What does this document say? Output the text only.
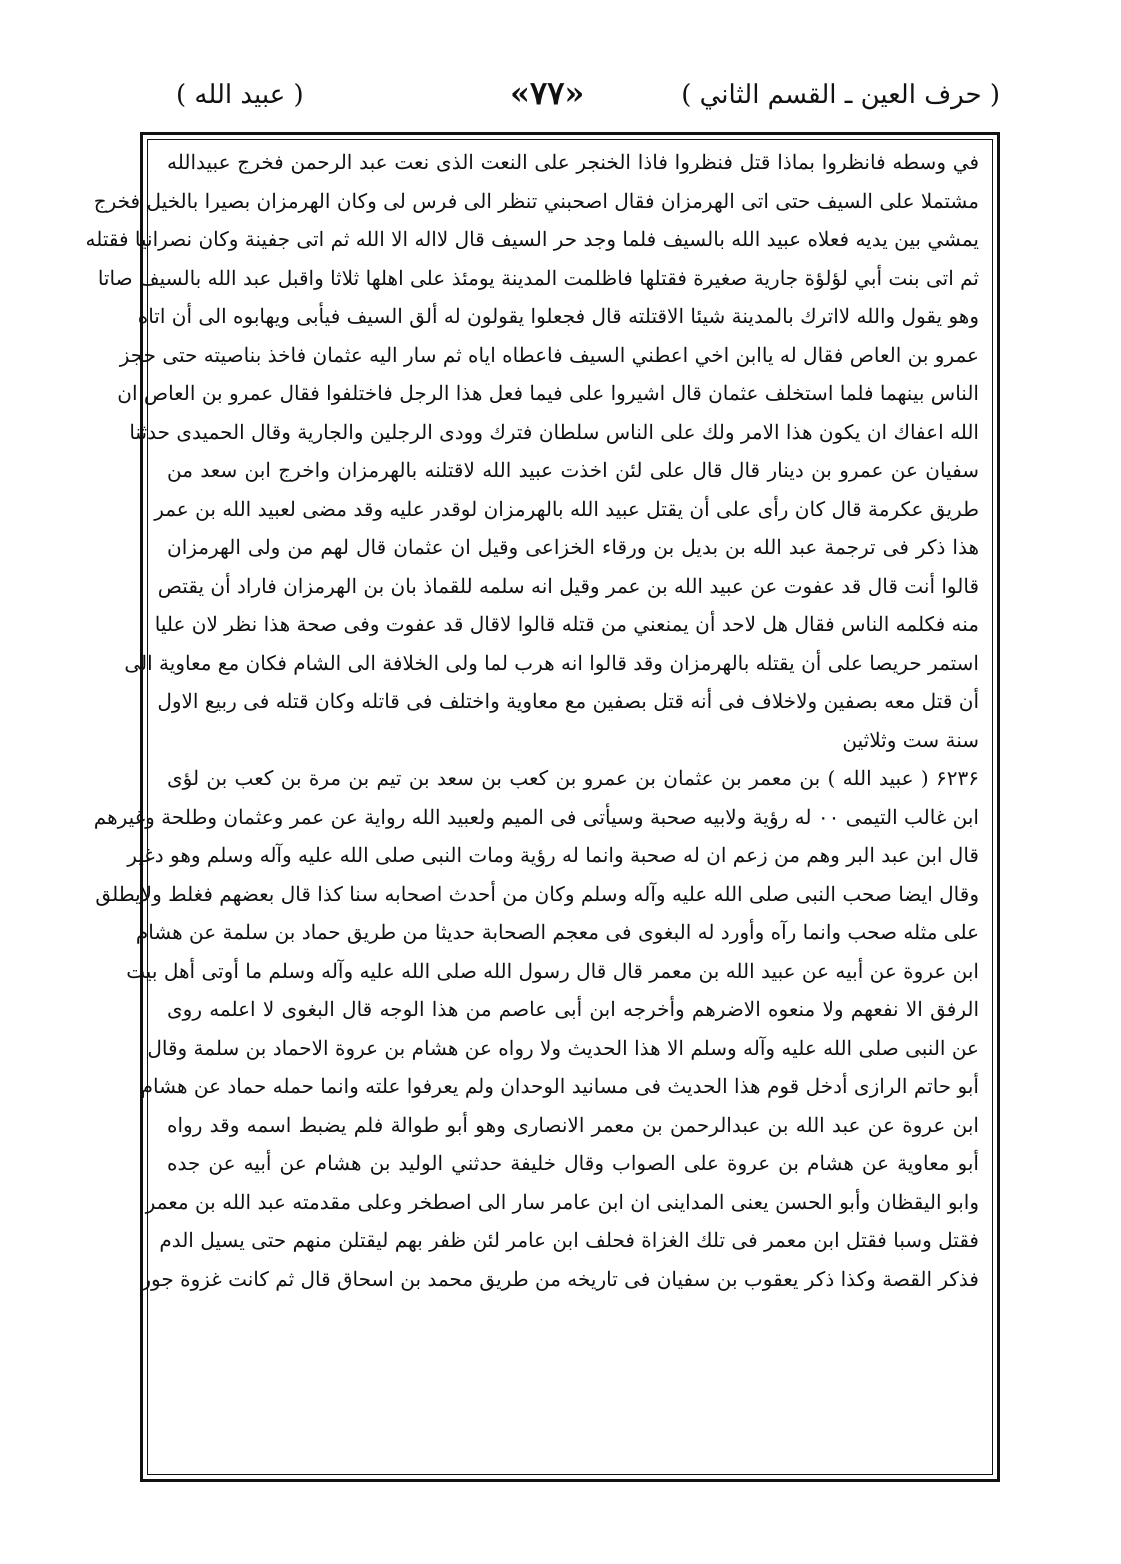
( حرف العين ـ القسم الثاني )
«۷۷»
( عبيد الله )
في وسطه فانظروا بماذا قتل فنظروا فاذا الخنجر على النعت الذى نعت عبد الرحمن فخرج عبيدالله
مشتملا على السيف حتى اتى الهرمزان فقال اصحبني تنظر الى فرس لى وكان الهرمزان بصيرا بالخيل فخرج
يمشي بين يديه فعلاه عبيد الله بالسيف فلما وجد حر السيف قال لااله الا الله ثم اتى جفينة وكان نصرانيا فقتله
ثم اتى بنت أبي لؤلؤة جارية صغيرة فقتلها فاظلمت المدينة يومئذ على اهلها ثلاثا واقبل عبد الله بالسيف صاتا
وهو يقول والله لااترك بالمدينة شيئا الاقتلته قال فجعلوا يقولون له ألق السيف فيأبى ويهابوه الى أن اتاه
عمرو بن العاص فقال له ياابن اخي اعطني السيف فاعطاه اياه ثم سار اليه عثمان فاخذ بناصيته حتى حجز
الناس بينهما فلما استخلف عثمان قال اشيروا على فيما فعل هذا الرجل فاختلفوا فقال عمرو بن العاص ان
الله اعفاك ان يكون هذا الامر ولك على الناس سلطان فترك وودى الرجلين والجارية وقال الحميدى حدثنا
سفيان عن عمرو بن دينار قال قال على لئن اخذت عبيد الله لاقتلنه بالهرمزان واخرج ابن سعد من
طريق عكرمة قال كان رأى على أن يقتل عبيد الله بالهرمزان لوقدر عليه وقد مضى لعبيد الله بن عمر
هذا ذكر فى ترجمة عبد الله بن بديل بن ورقاء الخزاعى وقيل ان عثمان قال لهم من ولى الهرمزان
قالوا أنت قال قد عفوت عن عبيد الله بن عمر وقيل انه سلمه للقماذ بان بن الهرمزان فاراد أن يقتص
منه فكلمه الناس فقال هل لاحد أن يمنعني من قتله قالوا لاقال قد عفوت وفى صحة هذا نظر لان عليا
استمر حريصا على أن يقتله بالهرمزان وقد قالوا انه هرب لما ولى الخلافة الى الشام فكان مع معاوية الى
أن قتل معه بصفين ولاخلاف فى أنه قتل بصفين مع معاوية واختلف فى قاتله وكان قتله فى ربيع الاول
سنة ست وثلاثين
۶۲۳۶ ( عبيد الله ) بن معمر بن عثمان بن عمرو بن كعب بن سعد بن تيم بن مرة بن كعب بن لؤى
ابن غالب التيمى ٠٠ له رؤية ولابيه صحبة وسيأتى فى الميم ولعبيد الله رواية عن عمر وعثمان وطلحة وغيرهم
قال ابن عبد البر وهم من زعم ان له صحبة وانما له رؤية ومات النبى صلى الله عليه وآله وسلم وهو دغير
وقال ايضا صحب النبى صلى الله عليه وآله وسلم وكان من أحدث اصحابه سنا كذا قال بعضهم فغلط ولايطلق
على مثله صحب وانما رآه وأورد له البغوى فى معجم الصحابة حديثا من طريق حماد بن سلمة عن هشام
ابن عروة عن أبيه عن عبيد الله بن معمر قال قال رسول الله صلى الله عليه وآله وسلم ما أوتى أهل بيت
الرفق الا نفعهم ولا منعوه الاضرهم وأخرجه ابن أبى عاصم من هذا الوجه قال البغوى لا اعلمه روى
عن النبى صلى الله عليه وآله وسلم الا هذا الحديث ولا رواه عن هشام بن عروة الاحماد بن سلمة وقال
أبو حاتم الرازى أدخل قوم هذا الحديث فى مسانيد الوحدان ولم يعرفوا علته وانما حمله حماد عن هشام
ابن عروة عن عبد الله بن عبدالرحمن بن معمر الانصارى وهو أبو طوالة فلم يضبط اسمه وقد رواه
أبو معاوية عن هشام بن عروة على الصواب وقال خليفة حدثني الوليد بن هشام عن أبيه عن جده
وابو اليقظان وأبو الحسن يعنى المداينى ان ابن عامر سار الى اصطخر وعلى مقدمته عبد الله بن معمر
فقتل وسبا فقتل ابن معمر فى تلك الغزاة فحلف ابن عامر لئن ظفر بهم ليقتلن منهم حتى يسيل الدم
فذكر القصة وكذا ذكر يعقوب بن سفيان فى تاريخه من طريق محمد بن اسحاق قال ثم كانت غزوة جور
